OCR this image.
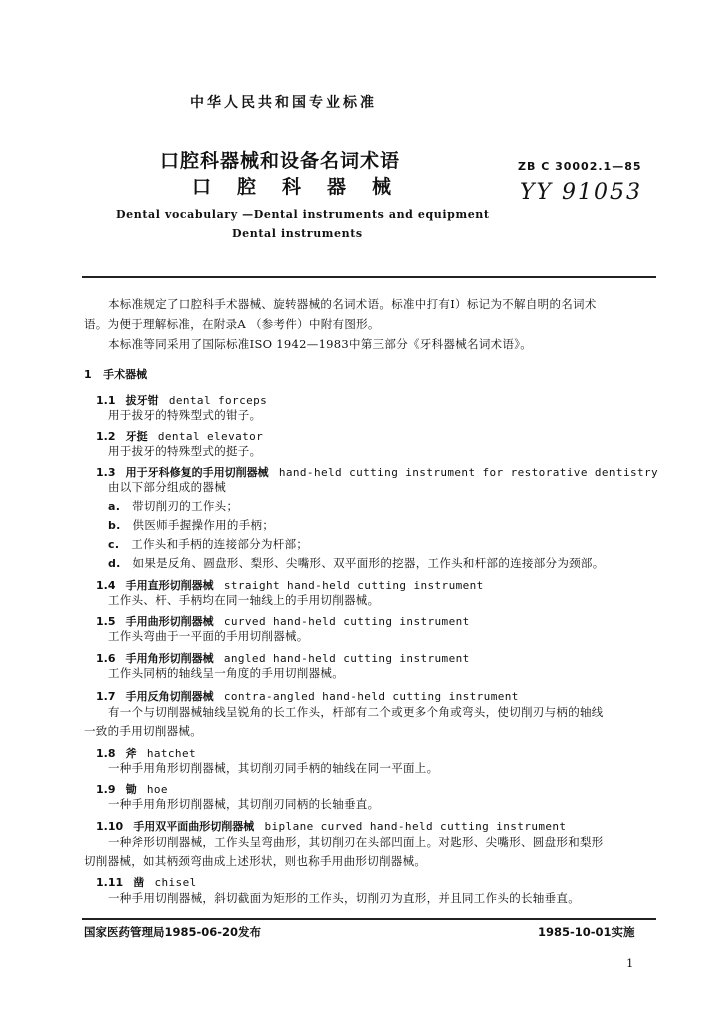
中华人民共和国专业标准
口腔科器械和设备名词术语
口腔科器械
ZB C 30002.1—85
YY 91053
Dental vocabulary —Dental instruments and equipment
Dental instruments
本标准规定了口腔科手术器械、旋转器械的名词术语。标准中打有Ⅰ）标记为不解自明的名词术
语。为便于理解标准，在附录A （参考件）中附有图形。
本标准等同采用了国际标准ISO 1942—1983中第三部分《牙科器械名词术语》。
1 手术器械
1.1 拔牙钳 dental forceps
用于拔牙的特殊型式的钳子。
1.2 牙挺 dental elevator
用于拔牙的特殊型式的挺子。
1.3 用于牙科修复的手用切削器械 hand-held cutting instrument for restorative dentistry
由以下部分组成的器械
a. 带切削刃的工作头；
b. 供医师手握操作用的手柄；
c. 工作头和手柄的连接部分为杆部；
d. 如果是反角、圆盘形、梨形、尖嘴形、双平面形的挖器，工作头和杆部的连接部分为颈部。
1.4 手用直形切削器械 straight hand-held cutting instrument
工作头、杆、手柄均在同一轴线上的手用切削器械。
1.5 手用曲形切削器械 curved hand-held cutting instrument
工作头弯曲于一平面的手用切削器械。
1.6 手用角形切削器械 angled hand-held cutting instrument
工作头同柄的轴线呈一角度的手用切削器械。
1.7 手用反角切削器械 contra-angled hand-held cutting instrument
有一个与切削器械轴线呈锐角的长工作头，杆部有二个或更多个角或弯头，使切削刃与柄的轴线
一致的手用切削器械。
1.8 斧 hatchet
一种手用角形切削器械，其切削刃同手柄的轴线在同一平面上。
1.9 锄 hoe
一种手用角形切削器械，其切削刃同柄的长轴垂直。
1.10 手用双平面曲形切削器械 biplane curved hand-held cutting instrument
一种斧形切削器械，工作头呈弯曲形，其切削刃在头部凹面上。对匙形、尖嘴形、圆盘形和梨形
切削器械，如其柄颈弯曲成上述形状，则也称手用曲形切削器械。
1.11 凿 chisel
一种手用切削器械，斜切截面为矩形的工作头，切削刃为直形，并且同工作头的长轴垂直。
国家医药管理局1985-06-20发布	1985-10-01实施
1
